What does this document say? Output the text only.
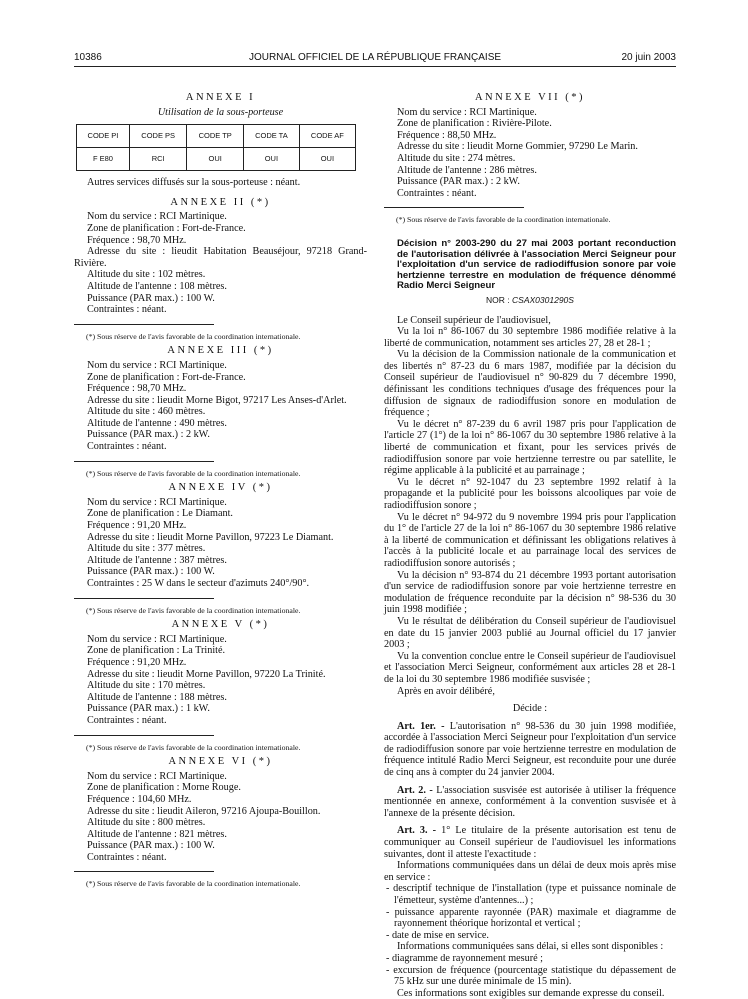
10386	JOURNAL OFFICIEL DE LA RÉPUBLIQUE FRANÇAISE	20 juin 2003
ANNEXE I
Utilisation de la sous-porteuse
CODE PI	CODE PS	CODE TP	CODE TA	CODE AF
F E80	RCI	OUI	OUI	OUI
Autres services diffusés sur la sous-porteuse : néant.
ANNEXE II (*)
Nom du service : RCI Martinique.
Zone de planification : Fort-de-France.
Fréquence : 98,70 MHz.
Adresse du site : lieudit Habitation Beauséjour, 97218 Grand-Rivière.
Altitude du site : 102 mètres.
Altitude de l'antenne : 108 mètres.
Puissance (PAR max.) : 100 W.
Contraintes : néant.
(*) Sous réserve de l'avis favorable de la coordination internationale.
ANNEXE III (*)
Nom du service : RCI Martinique.
Zone de planification : Fort-de-France.
Fréquence : 98,70 MHz.
Adresse du site : lieudit Morne Bigot, 97217 Les Anses-d'Arlet.
Altitude du site : 460 mètres.
Altitude de l'antenne : 490 mètres.
Puissance (PAR max.) : 2 kW.
Contraintes : néant.
(*) Sous réserve de l'avis favorable de la coordination internationale.
ANNEXE IV (*)
Nom du service : RCI Martinique.
Zone de planification : Le Diamant.
Fréquence : 91,20 MHz.
Adresse du site : lieudit Morne Pavillon, 97223 Le Diamant.
Altitude du site : 377 mètres.
Altitude de l'antenne : 387 mètres.
Puissance (PAR max.) : 100 W.
Contraintes : 25 W dans le secteur d'azimuts 240°/90°.
(*) Sous réserve de l'avis favorable de la coordination internationale.
ANNEXE V (*)
Nom du service : RCI Martinique.
Zone de planification : La Trinité.
Fréquence : 91,20 MHz.
Adresse du site : lieudit Morne Pavillon, 97220 La Trinité.
Altitude du site : 170 mètres.
Altitude de l'antenne : 188 mètres.
Puissance (PAR max.) : 1 kW.
Contraintes : néant.
(*) Sous réserve de l'avis favorable de la coordination internationale.
ANNEXE VI (*)
Nom du service : RCI Martinique.
Zone de planification : Morne Rouge.
Fréquence : 104,60 MHz.
Adresse du site : lieudit Aileron, 97216 Ajoupa-Bouillon.
Altitude du site : 800 mètres.
Altitude de l'antenne : 821 mètres.
Puissance (PAR max.) : 100 W.
Contraintes : néant.
(*) Sous réserve de l'avis favorable de la coordination internationale.
ANNEXE VII (*)
Nom du service : RCI Martinique.
Zone de planification : Rivière-Pilote.
Fréquence : 88,50 MHz.
Adresse du site : lieudit Morne Gommier, 97290 Le Marin.
Altitude du site : 274 mètres.
Altitude de l'antenne : 286 mètres.
Puissance (PAR max.) : 2 kW.
Contraintes : néant.
(*) Sous réserve de l'avis favorable de la coordination internationale.
Décision n° 2003-290 du 27 mai 2003 portant reconduction de l'autorisation délivrée à l'association Merci Seigneur pour l'exploitation d'un service de radiodiffusion sonore par voie hertzienne terrestre en modulation de fréquence dénommé Radio Merci Seigneur
NOR : CSAX0301290S
Le Conseil supérieur de l'audiovisuel,
Vu la loi n° 86-1067 du 30 septembre 1986 modifiée relative à la liberté de communication, notamment ses articles 27, 28 et 28-1 ;
Vu la décision de la Commission nationale de la communication et des libertés n° 87-23 du 6 mars 1987, modifiée par la décision du Conseil supérieur de l'audiovisuel n° 90-829 du 7 décembre 1990, définissant les conditions techniques d'usage des fréquences pour la diffusion de signaux de radiodiffusion sonore en modulation de fréquence ;
Vu le décret n° 87-239 du 6 avril 1987 pris pour l'application de l'article 27 (1°) de la loi n° 86-1067 du 30 septembre 1986 relative à la liberté de communication et fixant, pour les services privés de radiodiffusion sonore par voie hertzienne terrestre ou par satellite, le régime applicable à la publicité et au parrainage ;
Vu le décret n° 92-1047 du 23 septembre 1992 relatif à la propagande et la publicité pour les boissons alcooliques par voie de radiodiffusion sonore ;
Vu le décret n° 94-972 du 9 novembre 1994 pris pour l'application du 1° de l'article 27 de la loi n° 86-1067 du 30 septembre 1986 relative à la liberté de communication et définissant les obligations relatives à l'accès à la publicité locale et au parrainage local des services de radiodiffusion sonore autorisés ;
Vu la décision n° 93-874 du 21 décembre 1993 portant autorisation d'un service de radiodiffusion sonore par voie hertzienne terrestre en modulation de fréquence reconduite par la décision n° 98-536 du 30 juin 1998 modifiée ;
Vu le résultat de délibération du Conseil supérieur de l'audiovisuel en date du 15 janvier 2003 publié au Journal officiel du 17 janvier 2003 ;
Vu la convention conclue entre le Conseil supérieur de l'audiovisuel et l'association Merci Seigneur, conformément aux articles 28 et 28-1 de la loi du 30 septembre 1986 modifiée susvisée ;
Après en avoir délibéré,
Décide :
Art. 1er. - L'autorisation n° 98-536 du 30 juin 1998 modifiée, accordée à l'association Merci Seigneur pour l'exploitation d'un service de radiodiffusion sonore par voie hertzienne terrestre en modulation de fréquence intitulé Radio Merci Seigneur, est reconduite pour une durée de cinq ans à compter du 24 janvier 2004.
Art. 2. - L'association susvisée est autorisée à utiliser la fréquence mentionnée en annexe, conformément à la convention susvisée et à l'annexe de la présente décision.
Art. 3. - 1° Le titulaire de la présente autorisation est tenu de communiquer au Conseil supérieur de l'audiovisuel les informations suivantes, dont il atteste l'exactitude :
Informations communiquées dans un délai de deux mois après mise en service :
- descriptif technique de l'installation (type et puissance nominale de l'émetteur, système d'antennes...) ;
- puissance apparente rayonnée (PAR) maximale et diagramme de rayonnement théorique horizontal et vertical ;
- date de mise en service.
Informations communiquées sans délai, si elles sont disponibles :
- diagramme de rayonnement mesuré ;
- excursion de fréquence (pourcentage statistique du dépassement de 75 kHz sur une durée minimale de 15 min).
Ces informations sont exigibles sur demande expresse du conseil.
